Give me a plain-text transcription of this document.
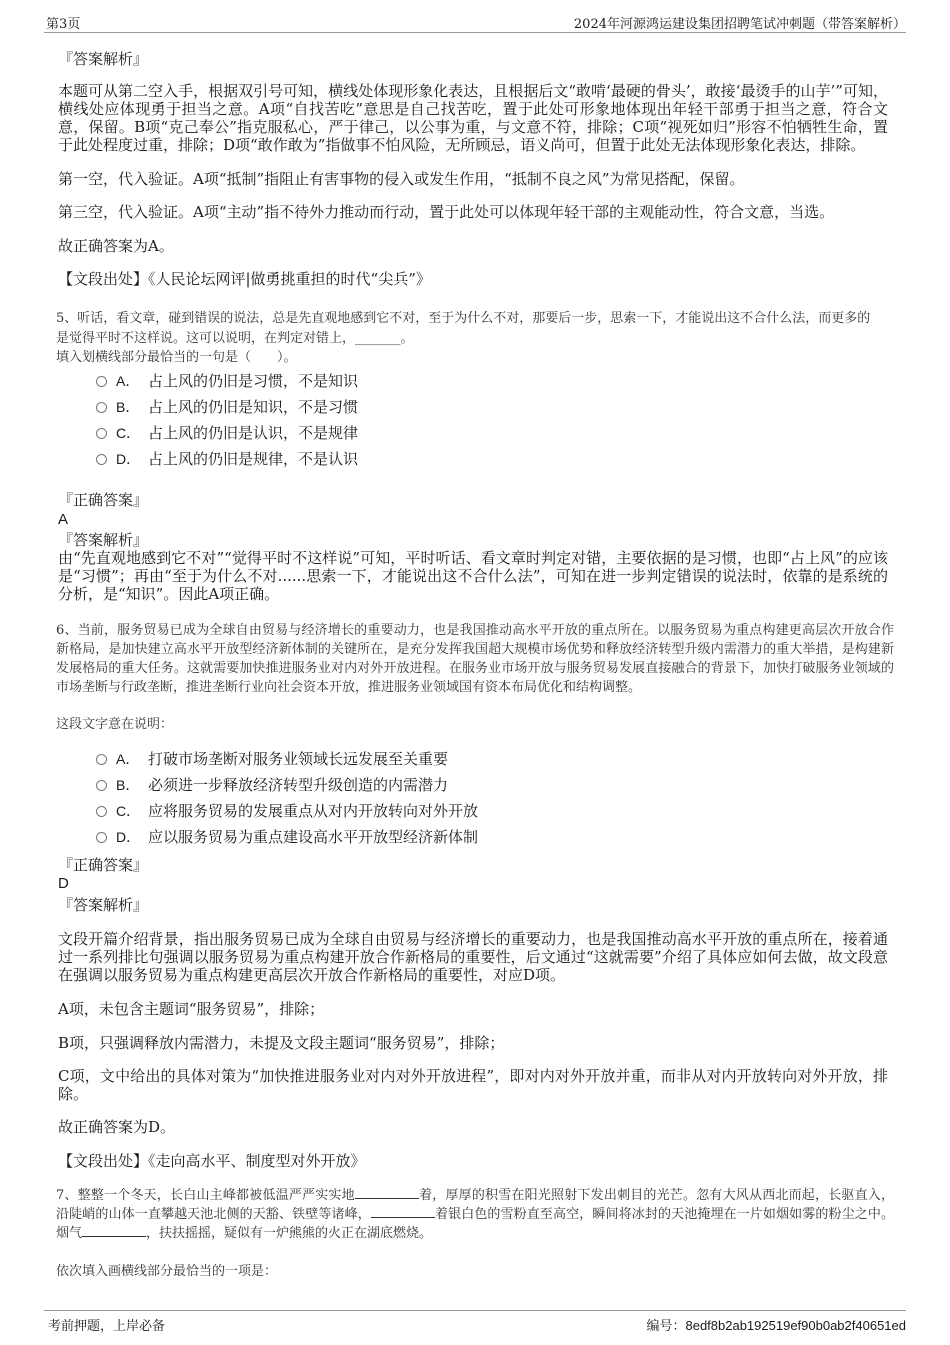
第3页	2024年河源鸿运建设集团招聘笔试冲刺题（带答案解析）
『答案解析』
本题可从第二空入手，根据双引号可知，横线处体现形象化表达，且根据后文“敢啃‘最硬的骨头’，敢接‘最烫手的山芋’”可知，横线处应体现勇于担当之意。A项“自找苦吃”意思是自己找苦吃，置于此处可形象地体现出年轻干部勇于担当之意，符合文意，保留。B项“克己奉公”指克服私心，严于律己，以公事为重，与文意不符，排除；C项“视死如归”形容不怕牺牲生命，置于此处程度过重，排除；D项“敢作敢为”指做事不怕风险，无所顾忌，语义尚可，但置于此处无法体现形象化表达，排除。
第一空，代入验证。A项“抵制”指阻止有害事物的侵入或发生作用，“抵制不良之风”为常见搭配，保留。
第三空，代入验证。A项“主动”指不待外力推动而行动，置于此处可以体现年轻干部的主观能动性，符合文意，当选。
故正确答案为A。
【文段出处】《人民论坛网评|做勇挑重担的时代“尖兵”》
5、听话，看文章，碰到错误的说法，总是先直观地感到它不对，至于为什么不对，那要后一步，思索一下，才能说出这不合什么法，而更多的
是觉得平时不这样说。这可以说明，在判定对错上，_______。
填入划横线部分最恰当的一句是（　　）。
A． 占上风的仍旧是习惯，不是知识
B． 占上风的仍旧是知识，不是习惯
C． 占上风的仍旧是认识，不是规律
D． 占上风的仍旧是规律，不是认识
『正确答案』
A
『答案解析』
由“先直观地感到它不对”“觉得平时不这样说”可知，平时听话、看文章时判定对错，主要依据的是习惯，也即“占上风”的应该是“习惯”；再由“至于为什么不对......思索一下，才能说出这不合什么法”，可知在进一步判定错误的说法时，依靠的是系统的分析，是“知识”。因此A项正确。
6、当前，服务贸易已成为全球自由贸易与经济增长的重要动力，也是我国推动高水平开放的重点所在。以服务贸易为重点构建更高层次开放合作新格局，是加快建立高水平开放型经济新体制的关键所在，是充分发挥我国超大规模市场优势和释放经济转型升级内需潜力的重大举措，是构建新发展格局的重大任务。这就需要加快推进服务业对内对外开放进程。在服务业市场开放与服务贸易发展直接融合的背景下，加快打破服务业领域的市场垄断与行政垄断，推进垄断行业向社会资本开放，推进服务业领域国有资本布局优化和结构调整。
这段文字意在说明：
A． 打破市场垄断对服务业领域长远发展至关重要
B． 必须进一步释放经济转型升级创造的内需潜力
C． 应将服务贸易的发展重点从对内开放转向对外开放
D． 应以服务贸易为重点建设高水平开放型经济新体制
『正确答案』
D
『答案解析』
文段开篇介绍背景，指出服务贸易已成为全球自由贸易与经济增长的重要动力，也是我国推动高水平开放的重点所在，接着通过一系列排比句强调以服务贸易为重点构建开放合作新格局的重要性，后文通过“这就需要”介绍了具体应如何去做，故文段意在强调以服务贸易为重点构建更高层次开放合作新格局的重要性，对应D项。
A项，未包含主题词“服务贸易”，排除；
B项，只强调释放内需潜力，未提及文段主题词“服务贸易”，排除；
C项，文中给出的具体对策为“加快推进服务业对内对外开放进程”，即对内对外开放并重，而非从对内开放转向对外开放，排除。
故正确答案为D。
【文段出处】《走向高水平、制度型对外开放》
7、整整一个冬天，长白山主峰都被低温严严实实地	着，厚厚的积雪在阳光照射下发出刺目的光芒。忽有大风从西北而起，长驱直入，沿陡峭的山体一直攀越天池北侧的天豁、铁壁等诸峰，	着银白色的雪粉直至高空，瞬间将冰封的天池掩埋在一片如烟如雾的粉尘之中。烟气	，扶扶摇摇，疑似有一炉熊熊的火正在湖底燃烧。
依次填入画横线部分最恰当的一项是：
考前押题，上岸必备	编号：8edf8b2ab192519ef90b0ab2f40651ed
